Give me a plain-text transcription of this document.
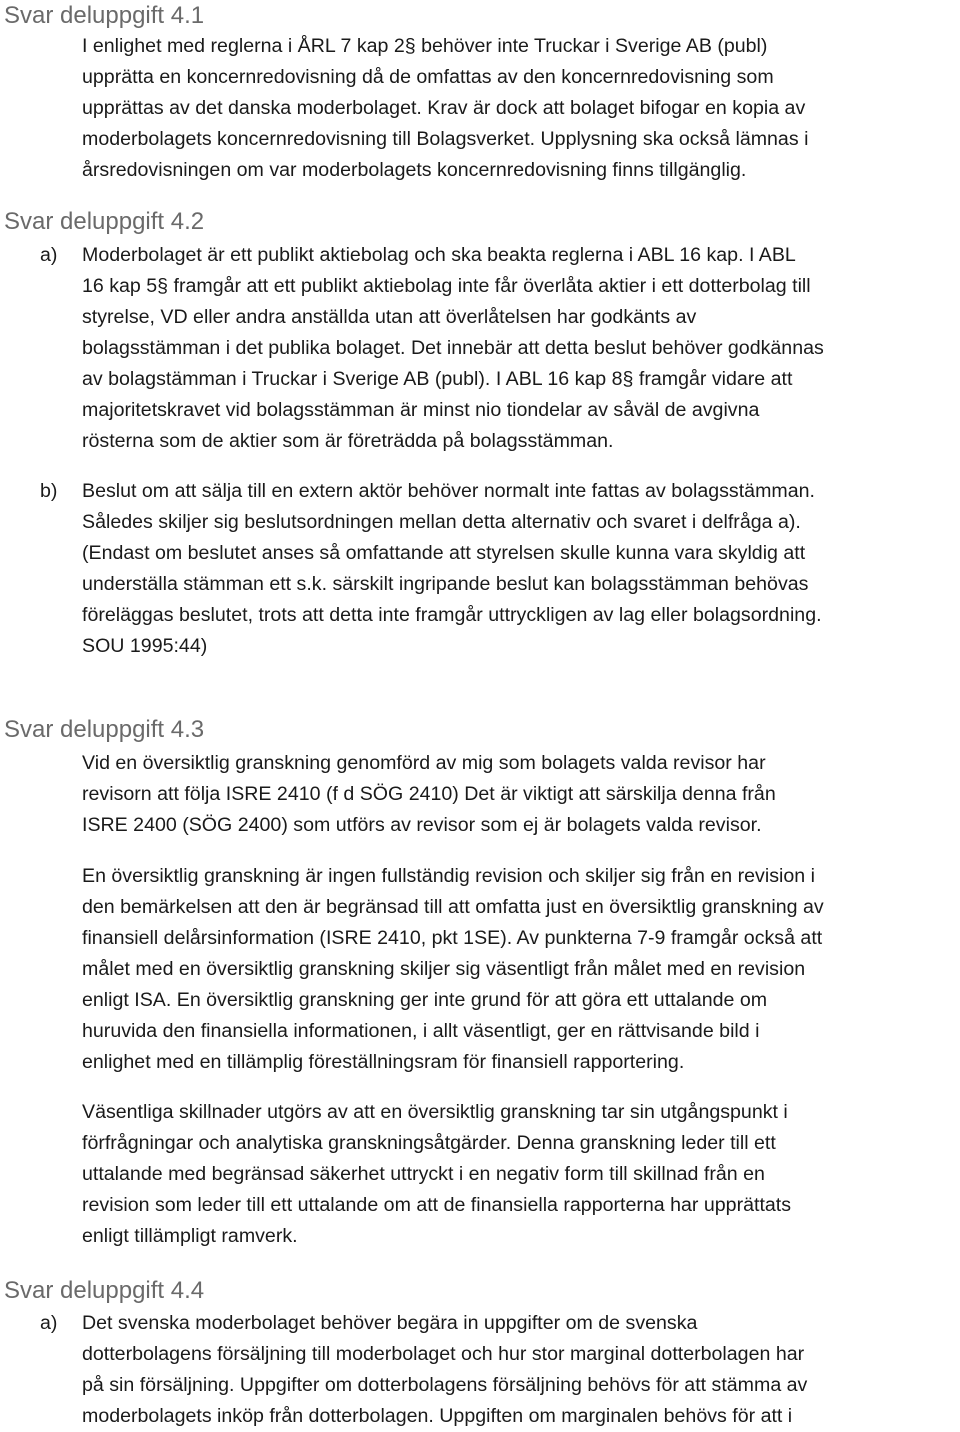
Svar deluppgift 4.1
I enlighet med reglerna i ÅRL 7 kap 2§ behöver inte Truckar i Sverige AB (publ)
upprätta en koncernredovisning då de omfattas av den koncernredovisning som
upprättas av det danska moderbolaget. Krav är dock att bolaget bifogar en kopia av
moderbolagets koncernredovisning till Bolagsverket. Upplysning ska också lämnas i
årsredovisningen om var moderbolagets koncernredovisning finns tillgänglig.
Svar deluppgift 4.2
a) Moderbolaget är ett publikt aktiebolag och ska beakta reglerna i ABL 16 kap. I ABL
16 kap 5§ framgår att ett publikt aktiebolag inte får överlåta aktier i ett dotterbolag till
styrelse, VD eller andra anställda utan att överlåtelsen har godkänts av
bolagsstämman i det publika bolaget. Det innebär att detta beslut behöver godkännas
av bolagstämman i Truckar i Sverige AB (publ). I ABL 16 kap 8§ framgår vidare att
majoritetskravet vid bolagsstämman är minst nio tiondelar av såväl de avgivna
rösterna som de aktier som är företrädda på bolagsstämman.
b) Beslut om att sälja till en extern aktör behöver normalt inte fattas av bolagsstämman.
Således skiljer sig beslutsordningen mellan detta alternativ och svaret i delfråga a).
(Endast om beslutet anses så omfattande att styrelsen skulle kunna vara skyldig att
underställa stämman ett s.k. särskilt ingripande beslut kan bolagsstämman behövas
föreläggas beslutet, trots att detta inte framgår uttryckligen av lag eller bolagsordning.
SOU 1995:44)
Svar deluppgift 4.3
Vid en översiktlig granskning genomförd av mig som bolagets valda revisor har
revisorn att följa ISRE 2410 (f d SÖG 2410) Det är viktigt att särskilja denna från
ISRE 2400 (SÖG 2400) som utförs av revisor som ej är bolagets valda revisor.
En översiktlig granskning är ingen fullständig revision och skiljer sig från en revision i
den bemärkelsen att den är begränsad till att omfatta just en översiktlig granskning av
finansiell delårsinformation (ISRE 2410, pkt 1SE). Av punkterna 7-9 framgår också att
målet med en översiktlig granskning skiljer sig väsentligt från målet med en revision
enligt ISA. En översiktlig granskning ger inte grund för att göra ett uttalande om
huruvida den finansiella informationen, i allt väsentligt, ger en rättvisande bild i
enlighet med en tillämplig föreställningsram för finansiell rapportering.
Väsentliga skillnader utgörs av att en översiktlig granskning tar sin utgångspunkt i
förfrågningar och analytiska granskningsåtgärder. Denna granskning leder till ett
uttalande med begränsad säkerhet uttryckt i en negativ form till skillnad från en
revision som leder till ett uttalande om att de finansiella rapporterna har upprättats
enligt tillämpligt ramverk.
Svar deluppgift 4.4
a) Det svenska moderbolaget behöver begära in uppgifter om de svenska
dotterbolagens försäljning till moderbolaget och hur stor marginal dotterbolagen har
på sin försäljning. Uppgifter om dotterbolagens försäljning behövs för att stämma av
moderbolagets inköp från dotterbolagen. Uppgiften om marginalen behövs för att i
